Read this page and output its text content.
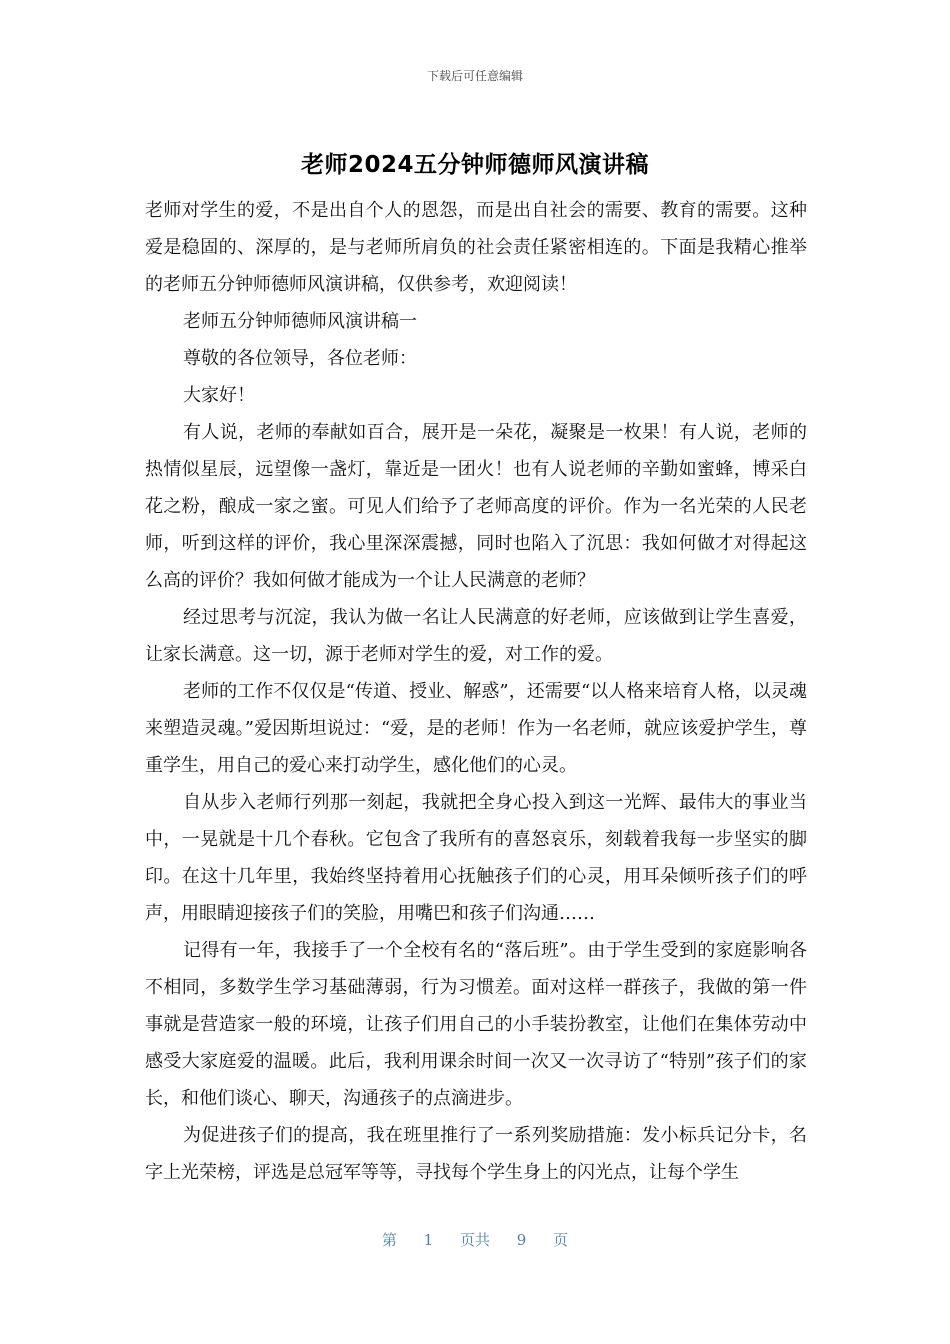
下载后可任意编辑
老师2024五分钟师德师风演讲稿

老师对学生的爱，不是出自个人的恩怨，而是出自社会的需要、教育的需要。这种爱是稳固的、深厚的，是与老师所肩负的社会责任紧密相连的。下面是我精心推举的老师五分钟师德师风演讲稿，仅供参考，欢迎阅读！

老师五分钟师德师风演讲稿一

尊敬的各位领导，各位老师：

大家好！

有人说，老师的奉献如百合，展开是一朵花，凝聚是一枚果！有人说，老师的热情似星辰，远望像一盏灯，靠近是一团火！也有人说老师的辛勤如蜜蜂，博采白花之粉，酿成一家之蜜。可见人们给予了老师高度的评价。作为一名光荣的人民老师，听到这样的评价，我心里深深震撼，同时也陷入了沉思：我如何做才对得起这么高的评价？我如何做才能成为一个让人民满意的老师？

经过思考与沉淀，我认为做一名让人民满意的好老师，应该做到让学生喜爱，让家长满意。这一切，源于老师对学生的爱，对工作的爱。

老师的工作不仅仅是“传道、授业、解惑”，还需要“以人格来培育人格，以灵魂来塑造灵魂。”爱因斯坦说过：“爱，是的老师！作为一名老师，就应该爱护学生，尊重学生，用自己的爱心来打动学生，感化他们的心灵。

自从步入老师行列那一刻起，我就把全身心投入到这一光辉、最伟大的事业当中，一晃就是十几个春秋。它包含了我所有的喜怒哀乐，刻载着我每一步坚实的脚印。在这十几年里，我始终坚持着用心抚触孩子们的心灵，用耳朵倾听孩子们的呼声，用眼睛迎接孩子们的笑脸，用嘴巴和孩子们沟通……

记得有一年，我接手了一个全校有名的“落后班”。由于学生受到的家庭影响各不相同，多数学生学习基础薄弱，行为习惯差。面对这样一群孩子，我做的第一件事就是营造家一般的环境，让孩子们用自己的小手装扮教室，让他们在集体劳动中感受大家庭爱的温暖。此后，我利用课余时间一次又一次寻访了“特别”孩子们的家长，和他们谈心、聊天，沟通孩子的点滴进步。

为促进孩子们的提高，我在班里推行了一系列奖励措施：发小标兵记分卡，名字上光荣榜，评选是总冠军等等，寻找每个学生身上的闪光点，让每个学生

第 1 页共 9 页
